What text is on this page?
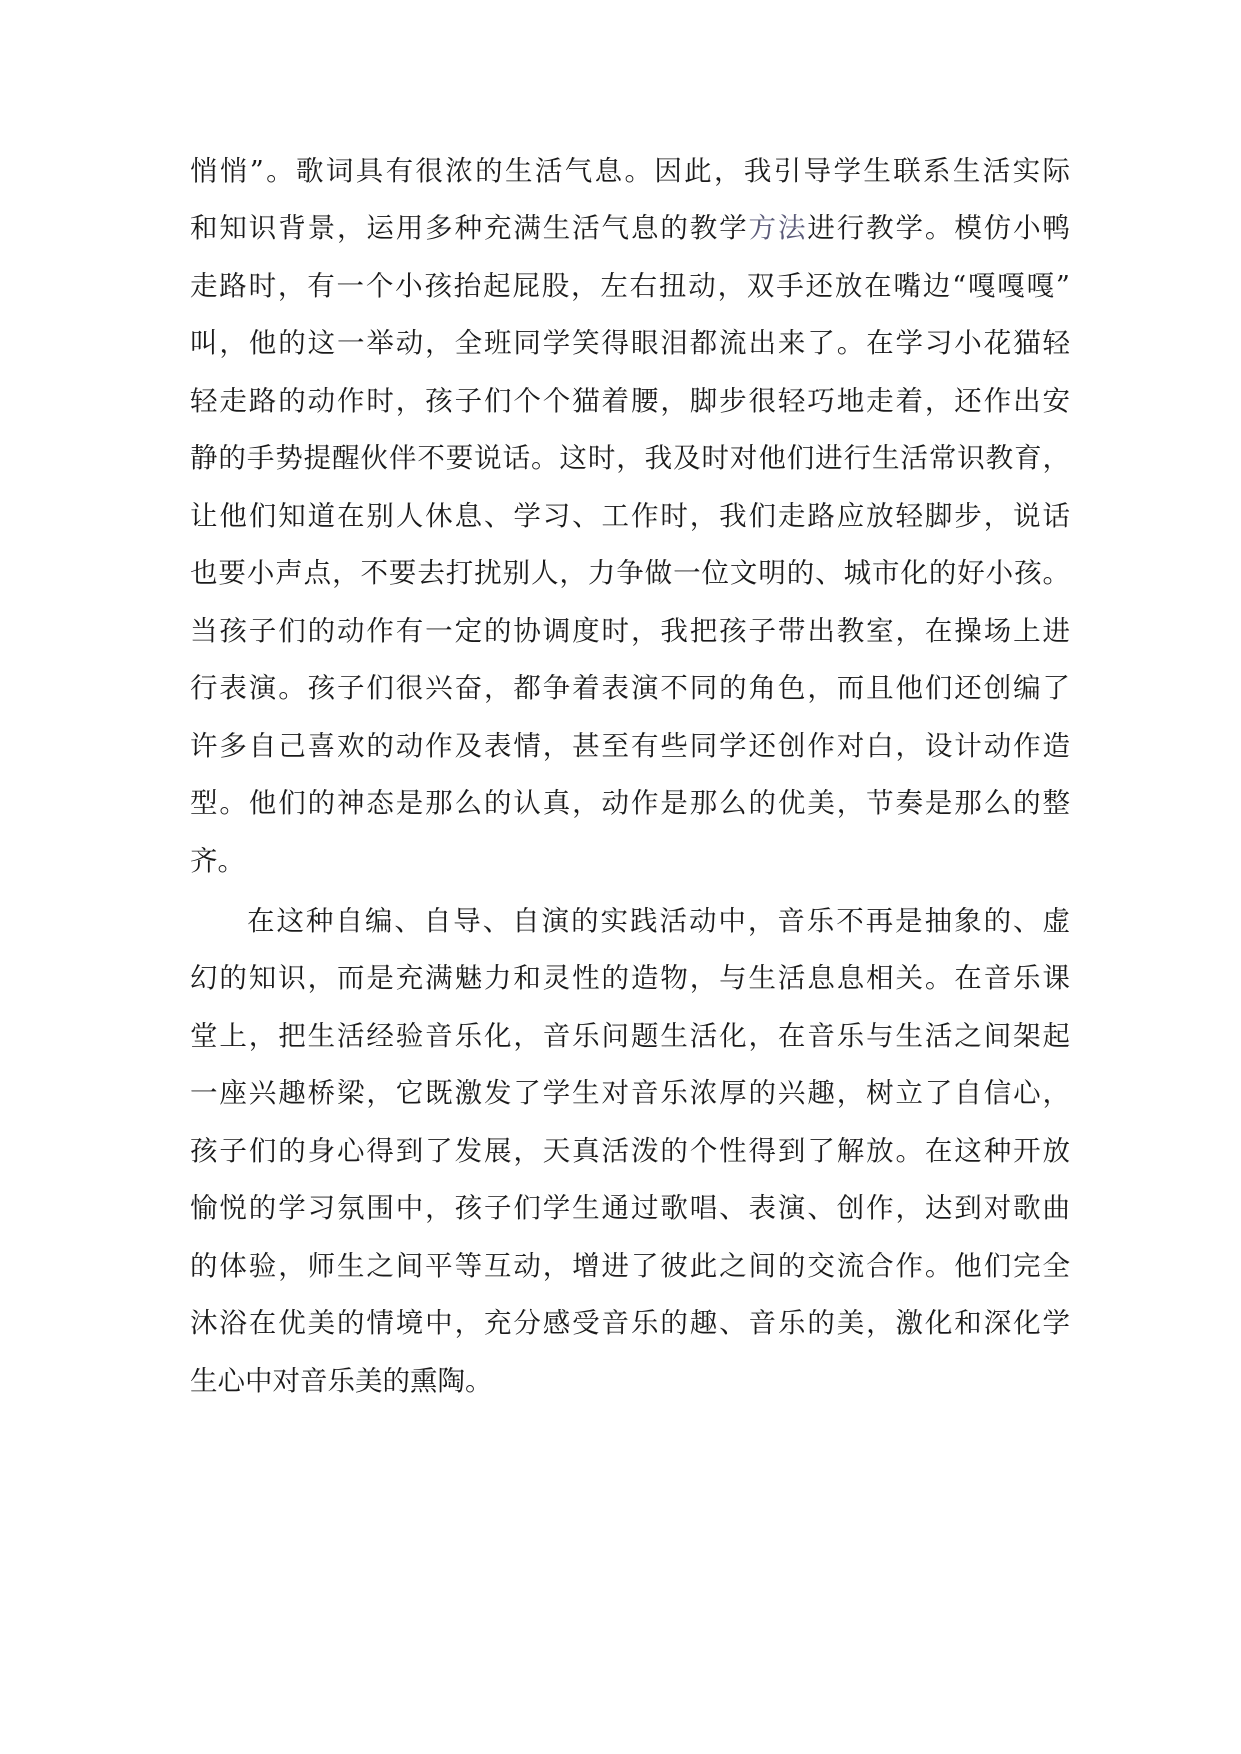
悄悄”。歌词具有很浓的生活气息。因此，我引导学生联系生活实际
和知识背景，运用多种充满生活气息的教学方法进行教学。模仿小鸭
走路时，有一个小孩抬起屁股，左右扭动，双手还放在嘴边“嘎嘎嘎”
叫，他的这一举动，全班同学笑得眼泪都流出来了。在学习小花猫轻
轻走路的动作时，孩子们个个猫着腰，脚步很轻巧地走着，还作出安
静的手势提醒伙伴不要说话。这时，我及时对他们进行生活常识教育，
让他们知道在别人休息、学习、工作时，我们走路应放轻脚步，说话
也要小声点，不要去打扰别人，力争做一位文明的、城市化的好小孩。
当孩子们的动作有一定的协调度时，我把孩子带出教室，在操场上进
行表演。孩子们很兴奋，都争着表演不同的角色，而且他们还创编了
许多自己喜欢的动作及表情，甚至有些同学还创作对白，设计动作造
型。他们的神态是那么的认真，动作是那么的优美，节奏是那么的整
齐。
在这种自编、自导、自演的实践活动中，音乐不再是抽象的、虚
幻的知识，而是充满魅力和灵性的造物，与生活息息相关。在音乐课
堂上，把生活经验音乐化，音乐问题生活化，在音乐与生活之间架起
一座兴趣桥梁，它既激发了学生对音乐浓厚的兴趣，树立了自信心，
孩子们的身心得到了发展，天真活泼的个性得到了解放。在这种开放
愉悦的学习氛围中，孩子们学生通过歌唱、表演、创作，达到对歌曲
的体验，师生之间平等互动，增进了彼此之间的交流合作。他们完全
沐浴在优美的情境中，充分感受音乐的趣、音乐的美，激化和深化学
生心中对音乐美的熏陶。
